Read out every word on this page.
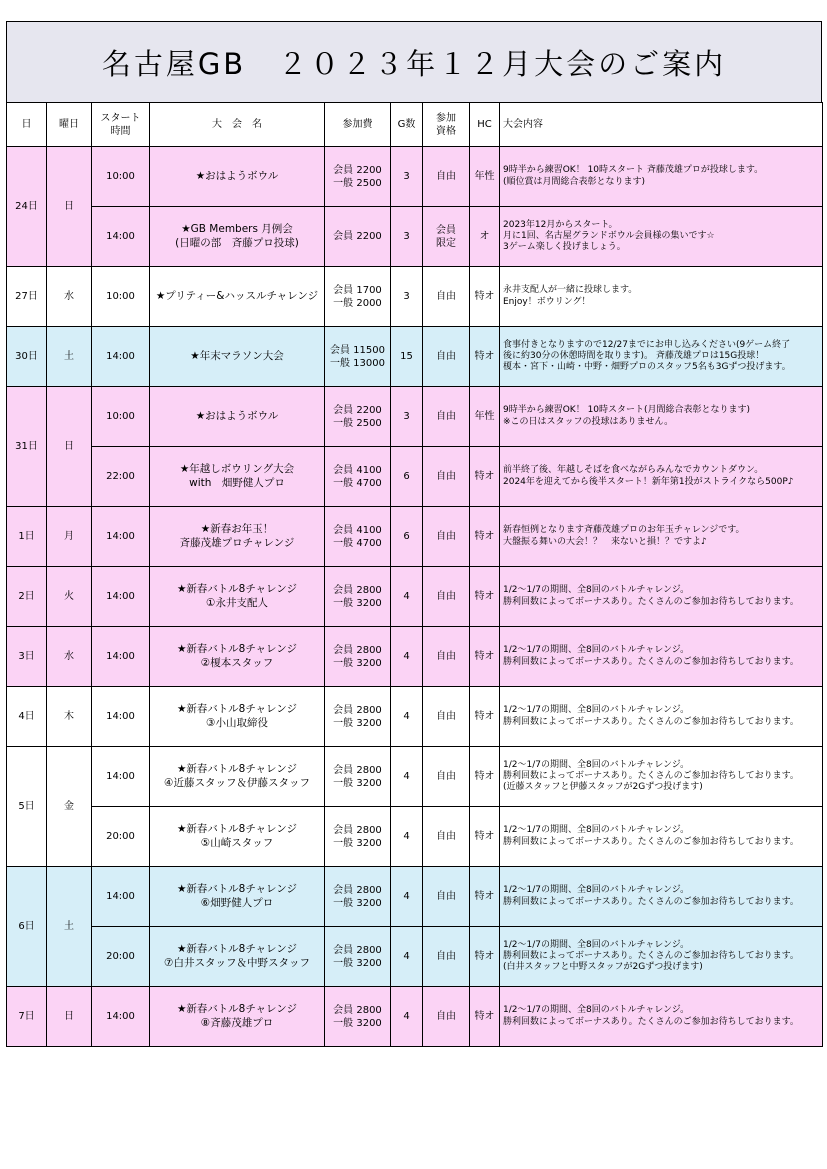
名古屋GB　２０２３年１２月大会のご案内
日	曜日	スタート
時間	大　会　名	参加費	G数	参加
資格	HC	大会内容
24日	日	10:00	★おはようボウル	会員 2200
一般 2500	3	自由	年性	9時半から練習OK！ 10時スタート 斉藤茂雄プロが投球します。
(順位賞は月間総合表彰となります)

		14:00	★GB Members 月例会
(日曜の部　斉藤プロ投球)	会員 2200	3	会員
限定	オ	2023年12月からスタート。
月に1回、名古屋グランドボウル会員様の集いです☆
3ゲーム楽しく投げましょう。

27日	水	10:00	★プリティー&ハッスルチャレンジ	会員 1700
一般 2000	3	自由	特オ	永井支配人が一緒に投球します。
Enjoy！ボウリング！

30日	土	14:00	★年末マラソン大会	会員 11500
一般 13000	15	自由	特オ	食事付きとなりますので12/27までにお申し込みください(9ゲーム終了
後に約30分の休憩時間を取ります)。 斉藤茂雄プロは15G投球！
榎本・宮下・山崎・中野・畑野プロのスタッフ5名も3Gずつ投げます。

31日	日	10:00	★おはようボウル	会員 2200
一般 2500	3	自由	年性	9時半から練習OK！ 10時スタート(月間総合表彰となります)
※この日はスタッフの投球はありません。

		22:00	★年越しボウリング大会
with　畑野健人プロ	会員 4100
一般 4700	6	自由	特オ	前半終了後、年越しそばを食べながらみんなでカウントダウン。
2024年を迎えてから後半スタート！新年第1投がストライクなら500P♪

1日	月	14:00	★新春お年玉！
斉藤茂雄プロチャレンジ	会員 4100
一般 4700	6	自由	特オ	新春恒例となります斉藤茂雄プロのお年玉チャレンジです。
大盤振る舞いの大会！？　来ないと損！？ですよ♪

2日	火	14:00	★新春バトル8チャレンジ
①永井支配人	会員 2800
一般 3200	4	自由	特オ	1/2～1/7の期間、全8回のバトルチャレンジ。
勝利回数によってボーナスあり。たくさんのご参加お待ちしております。

3日	水	14:00	★新春バトル8チャレンジ
②榎本スタッフ	会員 2800
一般 3200	4	自由	特オ	1/2～1/7の期間、全8回のバトルチャレンジ。
勝利回数によってボーナスあり。たくさんのご参加お待ちしております。

4日	木	14:00	★新春バトル8チャレンジ
③小山取締役	会員 2800
一般 3200	4	自由	特オ	1/2～1/7の期間、全8回のバトルチャレンジ。
勝利回数によってボーナスあり。たくさんのご参加お待ちしております。

5日	金	14:00	★新春バトル8チャレンジ
④近藤スタッフ＆伊藤スタッフ	会員 2800
一般 3200	4	自由	特オ	1/2～1/7の期間、全8回のバトルチャレンジ。
勝利回数によってボーナスあり。たくさんのご参加お待ちしております。
(近藤スタッフと伊藤スタッフが2Gずつ投げます)

		20:00	★新春バトル8チャレンジ
⑤山崎スタッフ	会員 2800
一般 3200	4	自由	特オ	1/2～1/7の期間、全8回のバトルチャレンジ。
勝利回数によってボーナスあり。たくさんのご参加お待ちしております。

6日	土	14:00	★新春バトル8チャレンジ
⑥畑野健人プロ	会員 2800
一般 3200	4	自由	特オ	1/2～1/7の期間、全8回のバトルチャレンジ。
勝利回数によってボーナスあり。たくさんのご参加お待ちしております。

		20:00	★新春バトル8チャレンジ
⑦白井スタッフ＆中野スタッフ	会員 2800
一般 3200	4	自由	特オ	1/2～1/7の期間、全8回のバトルチャレンジ。
勝利回数によってボーナスあり。たくさんのご参加お待ちしております。
(白井スタッフと中野スタッフが2Gずつ投げます)

7日	日	14:00	★新春バトル8チャレンジ
⑧斉藤茂雄プロ	会員 2800
一般 3200	4	自由	特オ	1/2～1/7の期間、全8回のバトルチャレンジ。
勝利回数によってボーナスあり。たくさんのご参加お待ちしております。
